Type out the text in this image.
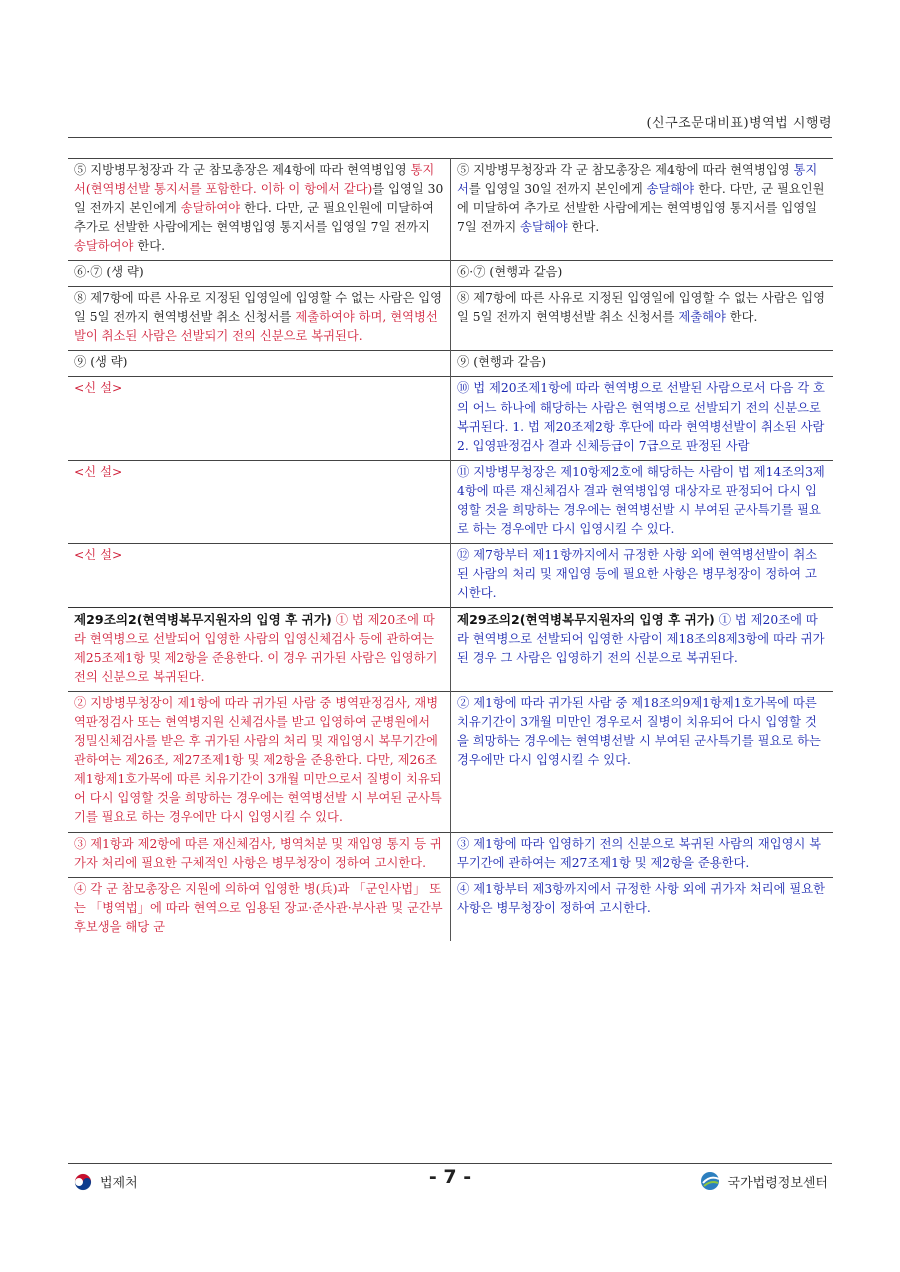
(신구조문대비표)병역법 시행령
⑤ 지방병무청장과 각 군 참모총장은 제4항에 따라 현역병입영 통지서(현역병선발 통지서를 포함한다. 이하 이 항에서 같다)를 입영일 30일 전까지 본인에게 송달하여야 한다. 다만, 군 필요인원에 미달하여 추가로 선발한 사람에게는 현역병입영 통지서를 입영일 7일 전까지 송달하여야 한다.	⑤ 지방병무청장과 각 군 참모총장은 제4항에 따라 현역병입영 통지서를 입영일 30일 전까지 본인에게 송달해야 한다. 다만, 군 필요인원에 미달하여 추가로 선발한 사람에게는 현역병입영 통지서를 입영일 7일 전까지 송달해야 한다.
⑥·⑦ (생 략)	⑥·⑦ (현행과 같음)
⑧ 제7항에 따른 사유로 지정된 입영일에 입영할 수 없는 사람은 입영일 5일 전까지 현역병선발 취소 신청서를 제출하여야 하며, 현역병선발이 취소된 사람은 선발되기 전의 신분으로 복귀된다.	⑧ 제7항에 따른 사유로 지정된 입영일에 입영할 수 없는 사람은 입영일 5일 전까지 현역병선발 취소 신청서를 제출해야 한다.
⑨ (생 략)	⑨ (현행과 같음)
<신 설>	⑩ 법 제20조제1항에 따라 현역병으로 선발된 사람으로서 다음 각 호의 어느 하나에 해당하는 사람은 현역병으로 선발되기 전의 신분으로 복귀된다. 1. 법 제20조제2항 후단에 따라 현역병선발이 취소된 사람 2. 입영판정검사 결과 신체등급이 7급으로 판정된 사람
<신 설>	⑪ 지방병무청장은 제10항제2호에 해당하는 사람이 법 제14조의3제4항에 따른 재신체검사 결과 현역병입영 대상자로 판정되어 다시 입영할 것을 희망하는 경우에는 현역병선발 시 부여된 군사특기를 필요로 하는 경우에만 다시 입영시킬 수 있다.
<신 설>	⑫ 제7항부터 제11항까지에서 규정한 사항 외에 현역병선발이 취소된 사람의 처리 및 재입영 등에 필요한 사항은 병무청장이 정하여 고시한다.
제29조의2(현역병복무지원자의 입영 후 귀가) ① 법 제20조에 따라 현역병으로 선발되어 입영한 사람의 입영신체검사 등에 관하여는 제25조제1항 및 제2항을 준용한다. 이 경우 귀가된 사람은 입영하기 전의 신분으로 복귀된다.	제29조의2(현역병복무지원자의 입영 후 귀가) ① 법 제20조에 따라 현역병으로 선발되어 입영한 사람이 제18조의8제3항에 따라 귀가된 경우 그 사람은 입영하기 전의 신분으로 복귀된다.
② 지방병무청장이 제1항에 따라 귀가된 사람 중 병역판정검사, 재병역판정검사 또는 현역병지원 신체검사를 받고 입영하여 군병원에서 정밀신체검사를 받은 후 귀가된 사람의 처리 및 재입영시 복무기간에 관하여는 제26조, 제27조제1항 및 제2항을 준용한다. 다만, 제26조제1항제1호가목에 따른 치유기간이 3개월 미만으로서 질병이 치유되어 다시 입영할 것을 희망하는 경우에는 현역병선발 시 부여된 군사특기를 필요로 하는 경우에만 다시 입영시킬 수 있다.	② 제1항에 따라 귀가된 사람 중 제18조의9제1항제1호가목에 따른 치유기간이 3개월 미만인 경우로서 질병이 치유되어 다시 입영할 것을 희망하는 경우에는 현역병선발 시 부여된 군사특기를 필요로 하는 경우에만 다시 입영시킬 수 있다.
③ 제1항과 제2항에 따른 재신체검사, 병역처분 및 재입영 통지 등 귀가자 처리에 필요한 구체적인 사항은 병무청장이 정하여 고시한다.	③ 제1항에 따라 입영하기 전의 신분으로 복귀된 사람의 재입영시 복무기간에 관하여는 제27조제1항 및 제2항을 준용한다.
④ 각 군 참모총장은 지원에 의하여 입영한 병(兵)과 「군인사법」 또는 「병역법」에 따라 현역으로 임용된 장교·준사관·부사관 및 군간부후보생을 해당 군	④ 제1항부터 제3항까지에서 규정한 사항 외에 귀가자 처리에 필요한 사항은 병무청장이 정하여 고시한다.
법제처	- 7 -	국가법령정보센터
